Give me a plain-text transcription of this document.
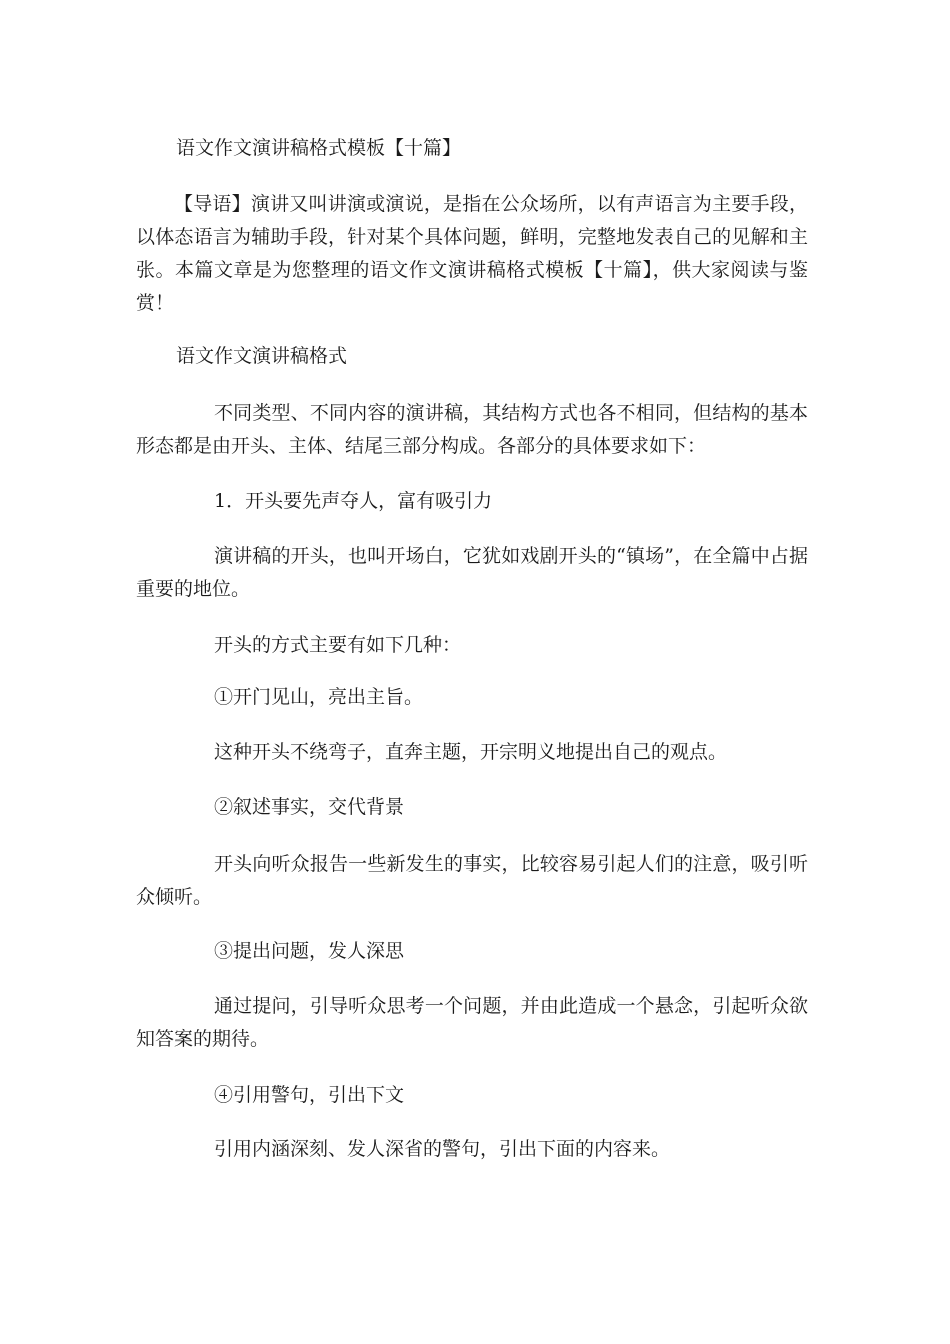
语文作文演讲稿格式模板【十篇】
【导语】演讲又叫讲演或演说，是指在公众场所，以有声语言为主要手段，以体态语言为辅助手段，针对某个具体问题，鲜明，完整地发表自己的见解和主张。本篇文章是为您整理的语文作文演讲稿格式模板【十篇】，供大家阅读与鉴赏！
语文作文演讲稿格式
不同类型、不同内容的演讲稿，其结构方式也各不相同，但结构的基本形态都是由开头、主体、结尾三部分构成。各部分的具体要求如下：
1．开头要先声夺人，富有吸引力
演讲稿的开头，也叫开场白，它犹如戏剧开头的“镇场”，在全篇中占据重要的地位。
开头的方式主要有如下几种：
①开门见山，亮出主旨。
这种开头不绕弯子，直奔主题，开宗明义地提出自己的观点。
②叙述事实，交代背景
开头向听众报告一些新发生的事实，比较容易引起人们的注意，吸引听众倾听。
③提出问题，发人深思
通过提问，引导听众思考一个问题，并由此造成一个悬念，引起听众欲知答案的期待。
④引用警句，引出下文
引用内涵深刻、发人深省的警句，引出下面的内容来。
